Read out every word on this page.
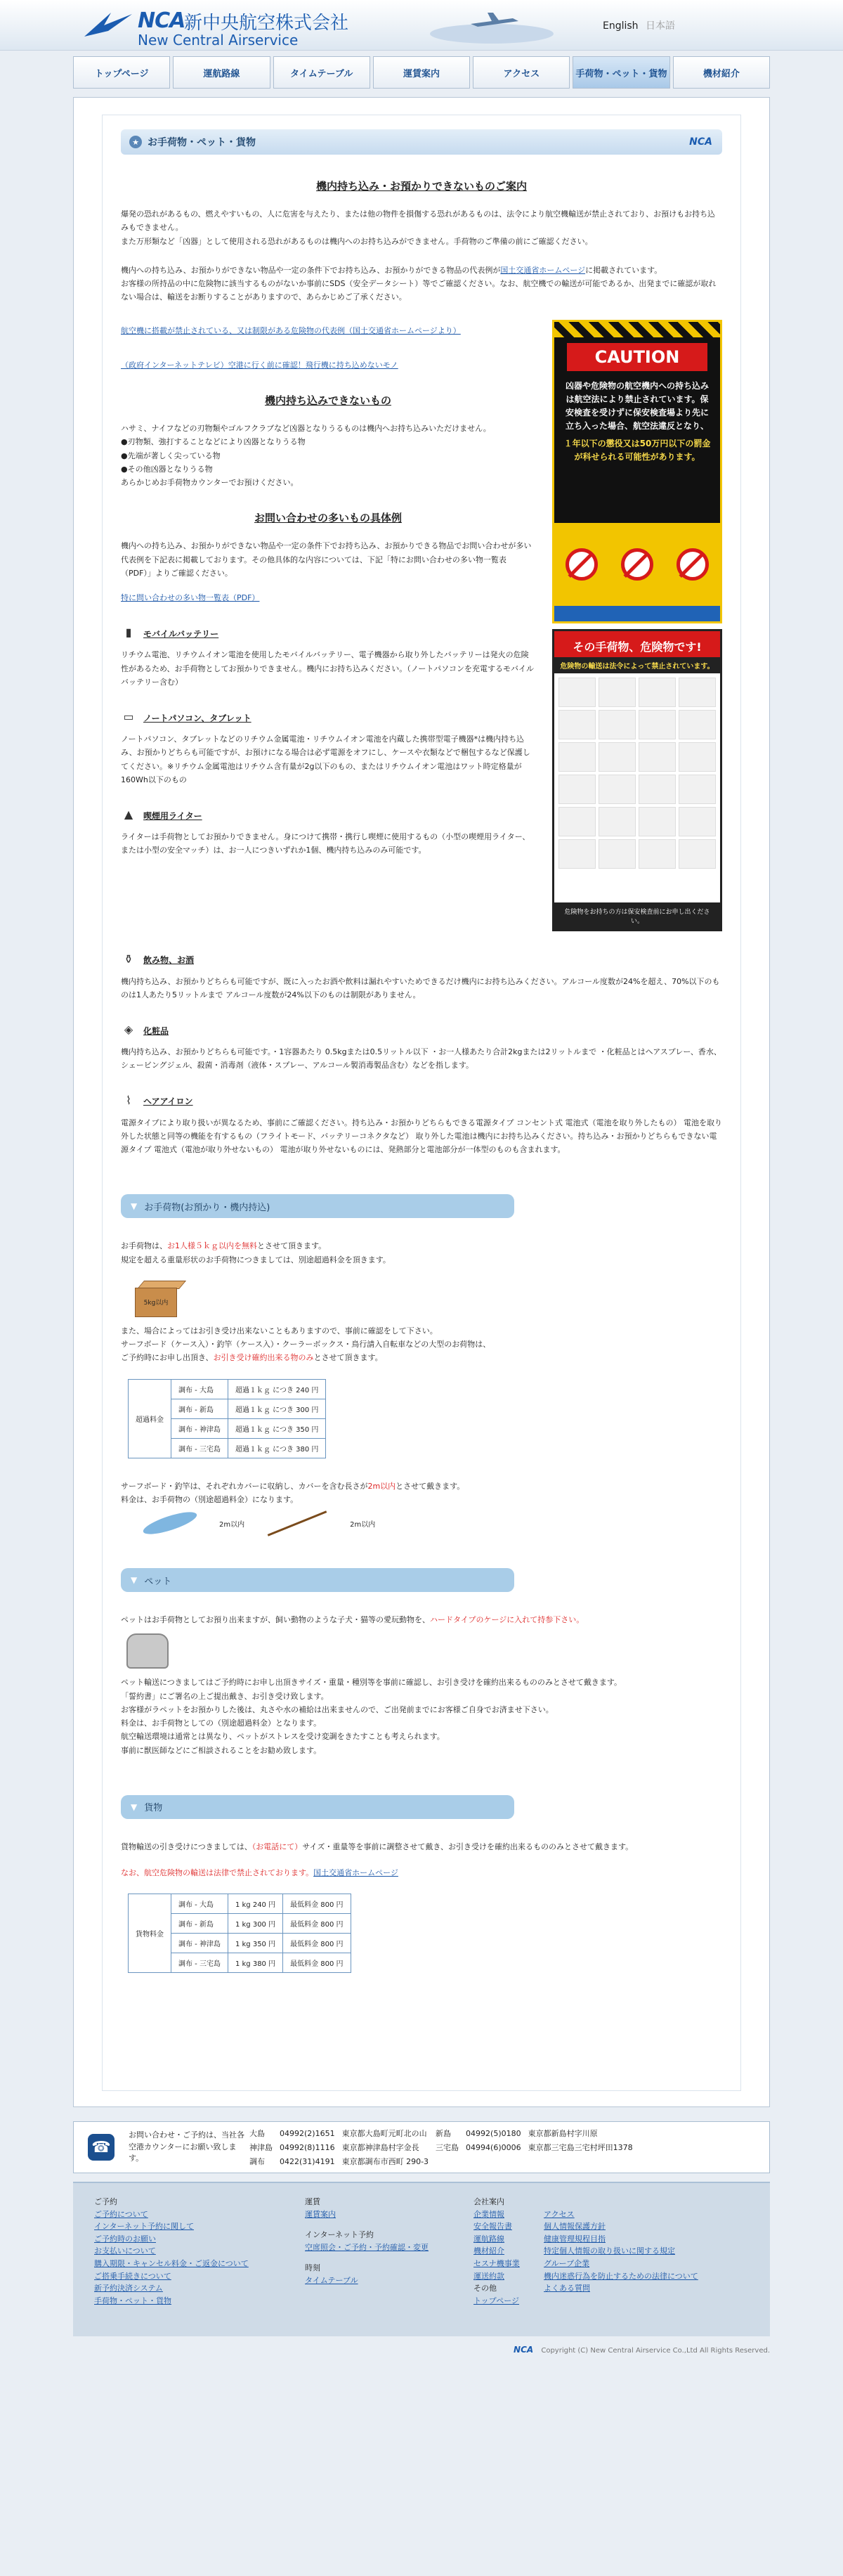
NCA
新中央航空株式会社
New Central Airservice
English 日本語
トップページ	運航路線	タイムテーブル	運賃案内	アクセス	手荷物・ペット・貨物	機材紹介
★ お手荷物・ペット・貨物	NCA
機内持ち込み・お預かりできないものご案内

爆発の恐れがあるもの、燃えやすいもの、人に危害を与えたり、または他の物件を損傷する恐れがあるものは、法令により航空機輸送が禁止されており、お預けもお持ち込みもできません。

また万形類など「凶器」として使用される恐れがあるものは機内へのお持ち込みができません。手荷物のご準備の前にご確認ください。

機内への持ち込み、お預かりができない物品や一定の条件下でお持ち込み、お預かりができる物品の代表例が国土交通省ホームページに掲載されています。

お客様の所持品の中に危険物に該当するものがないか事前にSDS（安全データシート）等でご確認ください。なお、航空機での輸送が可能であるか、出発までに確認が取れない場合は、輸送をお断りすることがありますので、あらかじめご了承ください。

航空機に搭載が禁止されている、又は制限がある危険物の代表例（国土交通省ホームページより）

（政府インターネットテレビ）空港に行く前に確認！飛行機に持ち込めないモノ

機内持ち込みできないもの

ハサミ、ナイフなどの刃物類やゴルフクラブなど凶器となりうるものは機内へお持ち込みいただけません。

●刃物類、強打することなどにより凶器となりうる物

●先端が著しく尖っている物

●その他凶器となりうる物

あらかじめお手荷物カウンターでお預けください。

お問い合わせの多いもの具体例

機内への持ち込み、お預かりができない物品や一定の条件下でお持ち込み、お預かりできる物品でお問い合わせが多い代表例を下記表に掲載しております。その他具体的な内容については、下記「特にお問い合わせの多い物一覧表（PDF）」よりご確認ください。

特に問い合わせの多い物一覧表（PDF）

▮	モバイルバッテリー

リチウム電池、リチウムイオン電池を使用したモバイルバッテリー、電子機器から取り外したバッテリーは発火の危険性があるため、お手荷物としてお預かりできません。機内にお持ち込みください。（ノートパソコンを充電するモバイルバッテリー含む）

▭ ノートパソコン、タブレット

ノートパソコン、タブレットなどのリチウム金属電池・リチウムイオン電池を内蔵した携帯型電子機器*は機内持ち込み、お預かりどちらも可能ですが、お預けになる場合は必ず電源をオフにし、ケースや衣類などで梱包するなど保護してください。※リチウム金属電池はリチウム含有量が2g以下のもの、またはリチウムイオン電池はワット時定格量が160Wh以下のもの

▲	喫煙用ライター

ライターは手荷物としてお預かりできません。身につけて携帯・携行し喫煙に使用するもの（小型の喫煙用ライター、または小型の安全マッチ）は、お一人につきいずれか1個、機内持ち込みのみ可能です。

CAUTION
凶器や危険物の航空機内への持ち込みは航空法により禁止されています。保安検査を受けずに保安検査場より先に立ち入った場合、航空法違反となり、
１年以下の懲役又は50万円以下の罰金が科せられる可能性があります。
その手荷物、危険物です!
危険物の輸送は法令によって禁止されています。
危険物をお持ちの方は保安検査前にお申し出ください。
⚱	飲み物、お酒

機内持ち込み、お預かりどちらも可能ですが、既に入ったお酒や飲料は漏れやすいためできるだけ機内にお持ち込みください。アルコール度数が24%を超え、70%以下のものは1人あたり5リットルまで アルコール度数が24%以下のものは制限がありません。

◈	化粧品

機内持ち込み、お預かりどちらも可能です。・1容器あたり 0.5kgまたは0.5リットル以下 ・お一人様あたり合計2kgまたは2リットルまで ・化粧品とはヘアスプレー、香水、シェービングジェル、殺菌・消毒剤（液体・スプレー、アルコール製消毒製品含む）などを指します。

⌇	ヘアアイロン

電源タイプにより取り扱いが異なるため、事前にご確認ください。持ち込み・お預かりどちらもできる電源タイプ コンセント式 電池式（電池を取り外したもの） 電池を取り外した状態と同等の機能を有するもの（フライトモード、バッテリーコネクタなど） 取り外した電池は機内にお持ち込みください。持ち込み・お預かりどちらもできない電源タイプ 電池式（電池が取り外せないもの） 電池が取り外せないものには、発熱部分と電池部分が一体型のものも含まれます。

▼ お手荷物(お預かり・機内持込)

お手荷物は、お1人様５ｋｇ以内を無料とさせて頂きます。

規定を超える重量形状のお手荷物につきましては、別途超過料金を頂きます。

5kg以内

また、場合によってはお引き受け出来ないこともありますので、事前に確認をして下さい。

サーフボード（ケース入）・釣竿（ケース入）・クーラーボックス・鳥行請入自転車などの大型のお荷物は、

ご予約時にお申し出頂き、お引き受け確約出来る物のみとさせて頂きます。

超過料金	調布 - 大島	超過１ｋｇ につき 240 円
	調布 - 新島	超過１ｋｇ につき 300 円
	調布 - 神津島	超過１ｋｇ につき 350 円
	調布 - 三宅島	超過１ｋｇ につき 380 円

サーフボード・釣竿は、それぞれカバーに収納し、カバーを含む長さが2m以内とさせて戴きます。

料金は、お手荷物の（別途超過料金）になります。

2m以内	2m以内
▼ ペット

ペットはお手荷物としてお預り出来ますが、飼い動物のような子犬・猫等の愛玩動物を、ハードタイプのケージに入れて持参下さい。

ペット輸送につきましてはご予約時にお申し出頂きサイズ・重量・種別等を事前に確認し、お引き受けを確約出来るもののみとさせて戴きます。

「誓約書」にご署名の上ご提出戴き、お引き受け致します。

お客様がラペットをお預かりした後は、丸さや水の補給は出来ませんので、ご出発前までにお客様ご自身でお済ませ下さい。

料金は、お手荷物としての（別途超過料金）となります。

航空輸送環境は通常とは異なり、ペットがストレスを受け変調をきたすことも考えられます。

事前に獣医師などにご相談されることをお勧め致します。

▼ 貨物

貨物輸送の引き受けにつきましては、（お電話にて）サイズ・重量等を事前に調整させて戴き、お引き受けを確約出来るもののみとさせて戴きます。

なお、航空危険物の輸送は法律で禁止されております。国土交通省ホームページ

貨物料金	調布 - 大島	1 kg 240 円	最低料金 800 円
	調布 - 新島	1 kg 300 円	最低料金 800 円
	調布 - 神津島	1 kg 350 円	最低料金 800 円
	調布 - 三宅島	1 kg 380 円	最低料金 800 円
☎
お問い合わせ・ご予約は、当社各空港カウンターにお願い致します。
大島	04992(2)1651	東京都大島町元町北の山	新島	04992(5)0180	東京都新島村字川原
神津島	04992(8)1116	東京都神津島村字金長	三宅島	04994(6)0006	東京都三宅島三宅村坪田1378
調布	0422(31)4191	東京都調布市西町 290-3			
ご予約
ご予約について
インターネット予約に関して
ご予約時のお願い
お支払いについて
購入期限・キャンセル料金・ご返金について
ご搭乗手続きについて
新予約決済システム
手荷物・ペット・貨物
運賃
運賃案内
インターネット予約
空席照会・ご予約・予約確認・変更
時刻
タイムテーブル
会社案内
企業情報
安全報告書
運航路線
機材紹介
セスナ機事業
運送約款
その他
トップページ

アクセス
個人情報保護方針
健康管理規程目指
特定個人情報の取り扱いに関する規定
グループ企業
機内迷惑行為を防止するための法律について
よくある質問
NCA Copyright (C) New Central Airservice Co.,Ltd All Rights Reserved.
